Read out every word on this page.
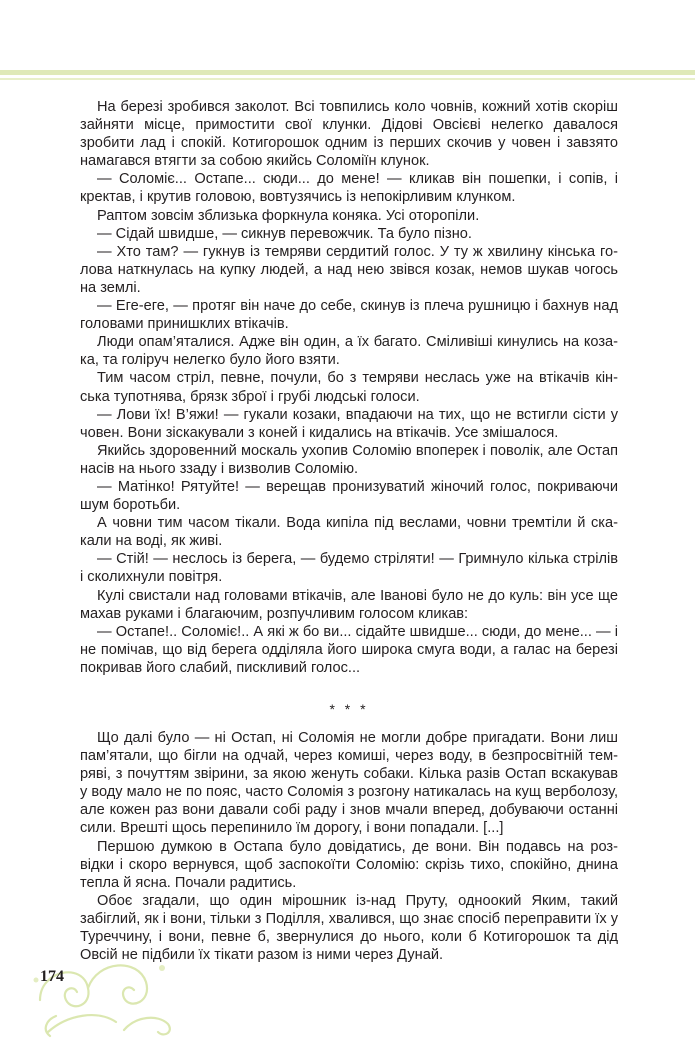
На березі зробився заколот. Всі товпились коло човнів, кожний хотів скоріш зайняти місце, примостити свої клунки. Дідові Овсієві нелегко давалося зробити лад і спокій. Котигорошок одним із перших скочив у човен і завзято намагався втягти за собою якийсь Соломіїн клунок.

— Соломіє... Остапе... сюди... до мене! — кликав він пошепки, і сопів, і кректав, і крутив головою, вовтузячись із непокірливим клунком.

Раптом зовсім зблизька форкнула коняка. Усі оторопіли.

— Сідай швидше, — сикнув перевожчик. Та було пізно.

— Хто там? — гукнув із темряви сердитий голос. У ту ж хвилину кінська голова наткнулась на купку людей, а над нею звівся козак, немов шукав чогось на землі.

— Еге-еге, — протяг він наче до себе, скинув із плеча рушницю і бахнув над головами принишклих втікачів.

Люди опам’яталися. Адже він один, а їх багато. Сміливіші кинулись на козака, та голіруч нелегко було його взяти.

Тим часом стріл, певне, почули, бо з темряви неслась уже на втікачів кінська тупотнява, брязк зброї і грубі людські голоси.

— Лови їх! В’яжи! — гукали козаки, впадаючи на тих, що не встигли сісти у човен. Вони зіскакували з коней і кидались на втікачів. Усе змішалося.

Якийсь здоровенний москаль ухопив Соломію впоперек і поволік, але Остап насів на нього ззаду і визволив Соломію.

— Матінко! Рятуйте! — верещав пронизуватий жіночий голос, покриваючи шум боротьби.

А човни тим часом тікали. Вода кипіла під веслами, човни тремтіли й скакали на воді, як живі.

— Стій! — неслось із берега, — будемо стріляти! — Гримнуло кілька стрілів і сколихнули повітря.

Кулі свистали над головами втікачів, але Іванові було не до куль: він усе ще махав руками і благаючим, розпучливим голосом кликав:

— Остапе!.. Соломіє!.. А які ж бо ви... сідайте швидше... сюди, до мене... — і не помічав, що від берега одділяла його широка смуга води, а галас на березі покривав його слабий, пискливий голос...

* * *

Що далі було — ні Остап, ні Соломія не могли добре пригадати. Вони лиш пам’ятали, що бігли на одчай, через комиші, через воду, в безпросвітній темряві, з почуттям звірини, за якою женуть собаки. Кілька разів Остап вскакував у воду мало не по пояс, часто Соломія з розгону натикалась на кущ верболозу, але кожен раз вони давали собі раду і знов мчали вперед, добуваючи останні сили. Врешті щось перепинило їм дорогу, і вони попадали. [...]

Першою думкою в Остапа було довідатись, де вони. Він подавсь на розвідки і скоро вернувся, щоб заспокоїти Соломію: скрізь тихо, спокійно, днина тепла й ясна. Почали радитись.

Обоє згадали, що один мірошник із-над Пруту, одноокий Яким, такий забіглий, як і вони, тільки з Поділля, хвалився, що знає спосіб переправити їх у Туреччину, і вони, певне б, звернулися до нього, коли б Котигорошок та дід Овсій не підбили їх тікати разом із ними через Дунай.

174
